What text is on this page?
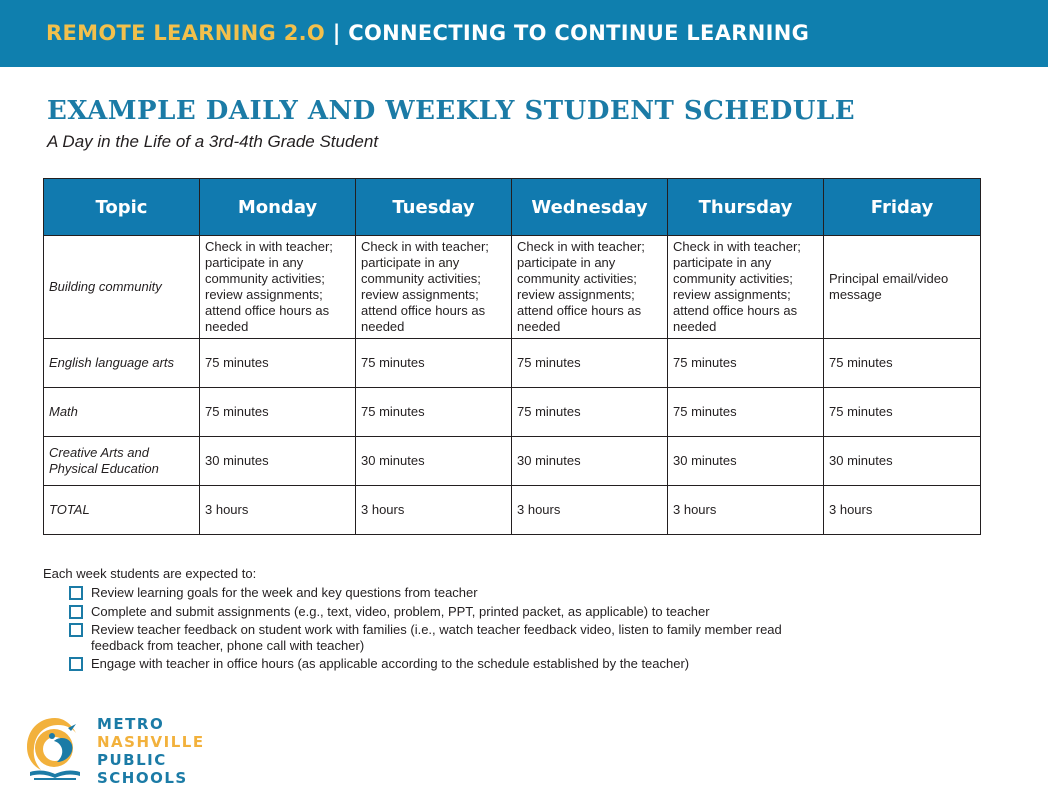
REMOTE LEARNING 2.O | CONNECTING TO CONTINUE LEARNING
EXAMPLE DAILY AND WEEKLY STUDENT SCHEDULE
A Day in the Life of a 3rd-4th Grade Student
Topic	Monday	Tuesday	Wednesday	Thursday	Friday
Building community	Check in with teacher; participate in any community activities; review assignments; attend office hours as needed	Check in with teacher; participate in any community activities; review assignments; attend office hours as needed	Check in with teacher; participate in any community activities; review assignments; attend office hours as needed	Check in with teacher; participate in any community activities; review assignments; attend office hours as needed	Principal email/video message
English language arts	75 minutes	75 minutes	75 minutes	75 minutes	75 minutes
Math	75 minutes	75 minutes	75 minutes	75 minutes	75 minutes
Creative Arts and Physical Education	30 minutes	30 minutes	30 minutes	30 minutes	30 minutes
TOTAL	3 hours	3 hours	3 hours	3 hours	3 hours
Each week students are expected to:
Review learning goals for the week and key questions from teacher
Complete and submit assignments (e.g., text, video, problem, PPT, printed packet, as applicable) to teacher
Review teacher feedback on student work with families (i.e., watch teacher feedback video, listen to family member read feedback from teacher, phone call with teacher)
Engage with teacher in office hours (as applicable according to the schedule established by the teacher)
METRO
NASHVILLE
PUBLIC
SCHOOLS
